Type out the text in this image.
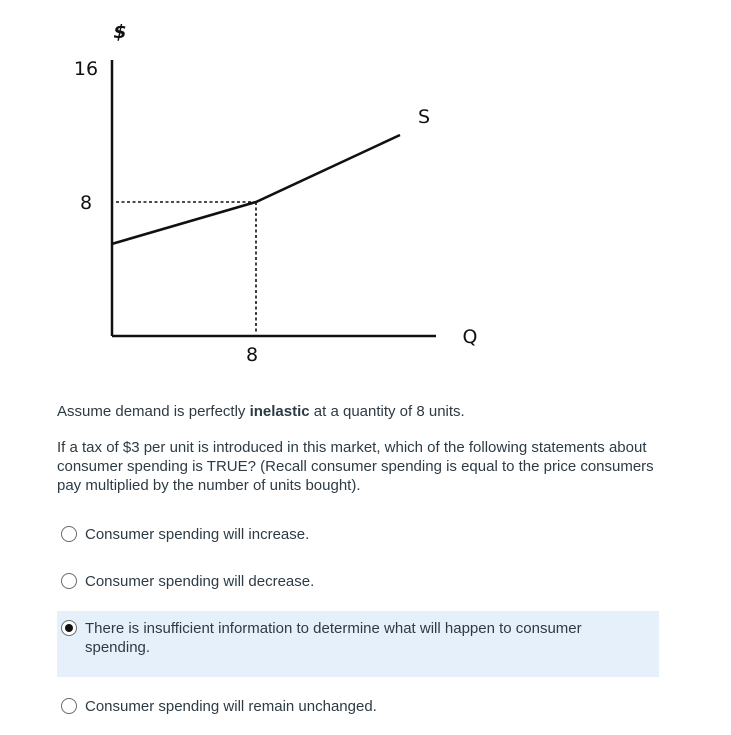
S
$
Q
16
8
8

Assume demand is perfectly inelastic at a quantity of 8 units.

If a tax of $3 per unit is introduced in this market, which of the following statements about consumer spending is TRUE? (Recall consumer spending is equal to the price consumers pay multiplied by the number of units bought).

Consumer spending will increase.
Consumer spending will decrease.
There is insufficient information to determine what will happen to consumer spending.
Consumer spending will remain unchanged.
